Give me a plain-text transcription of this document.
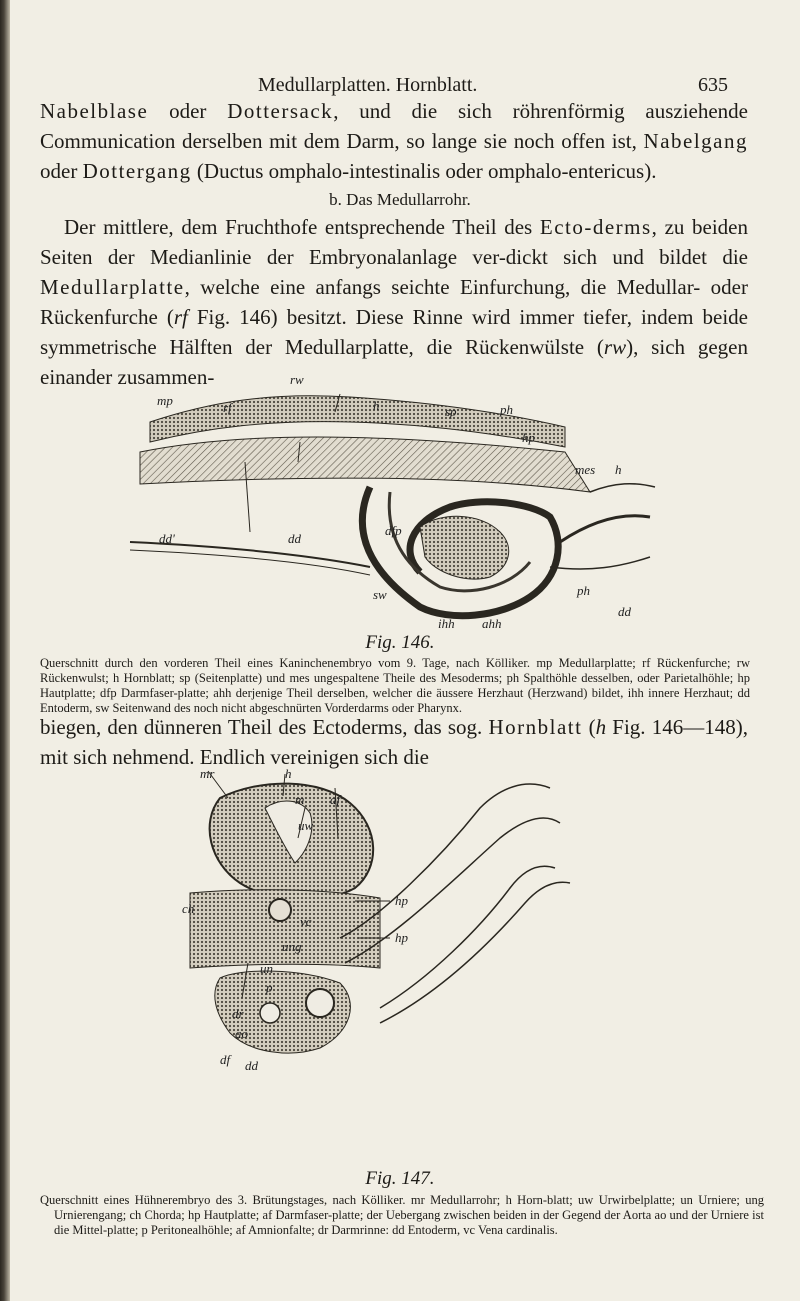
Medullarplatten. Hornblatt.	635

Nabelblase oder Dottersack, und die sich röhrenförmig ausziehende Communication derselben mit dem Darm, so lange sie noch offen ist, Nabelgang oder Dottergang (Ductus omphalo-intestinalis oder omphalo-entericus).

b. Das Medullarrohr.

Der mittlere, dem Fruchthofe entsprechende Theil des Ecto-derms, zu beiden Seiten der Medianlinie der Embryonalanlage ver-dickt sich und bildet die Medullarplatte, welche eine anfangs seichte Einfurchung, die Medullar- oder Rückenfurche (rf Fig. 146) besitzt. Diese Rinne wird immer tiefer, indem beide symmetrische Hälften der Medullarplatte, die Rückenwülste (rw), sich gegen einander zusammen-	rw
mp	rf	h	sp	ph
hp
mes h
dd'	dd
dfp
sw
ihh ahh
ph
dd
Fig. 146.

Querschnitt durch den vorderen Theil eines Kaninchenembryo vom 9. Tage, nach Kölliker. mp Medullarplatte; rf Rückenfurche; rw Rückenwulst; h Hornblatt; sp (Seitenplatte) und mes ungespaltene Theile des Mesoderms; ph Spalthöhle desselben, oder Parietalhöhle; hp Hautplatte; dfp Darmfaser-platte; ahh derjenige Theil derselben, welcher die äussere Herzhaut (Herzwand) bildet, ihh innere Herzhaut; dd Entoderm, sw Seitenwand des noch nicht abgeschnürten Vorderdarms oder Pharynx.

biegen, den dünneren Theil des Ectoderms, das sog. Hornblatt (h Fig. 146—148), mit sich nehmend. Endlich vereinigen sich die

mr	h
m af
uw
hp
ch
vc
ung
hp
un
p
dr
ao
df dd
Fig. 147.

Querschnitt eines Hühnerembryo des 3. Brütungstages, nach Kölliker. mr Medullarrohr; h Horn-blatt; uw Urwirbelplatte; un Urniere; ung Urnierengang; ch Chorda; hp Hautplatte; af Darmfaser-platte; der Uebergang zwischen beiden in der Gegend der Aorta ao und der Urniere ist die Mittel-platte; p Peritonealhöhle; af Amnionfalte; dr Darmrinne: dd Entoderm, vc Vena cardinalis.
